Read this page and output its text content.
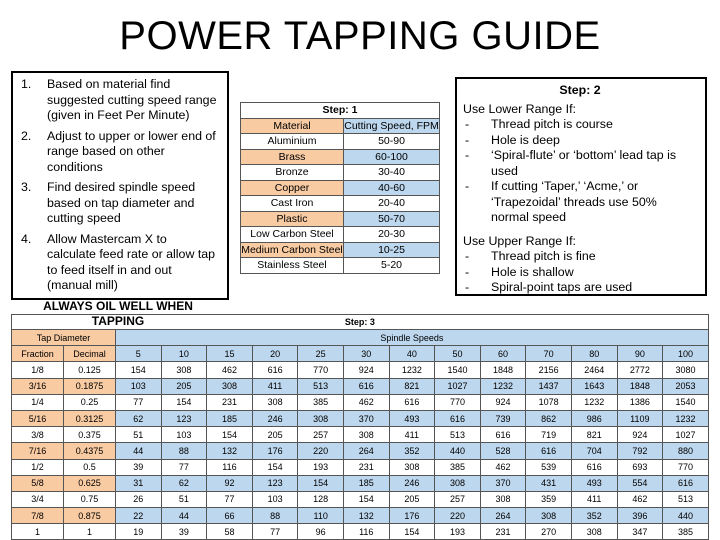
POWER TAPPING GUIDE
1. Based on material find suggested cutting speed range (given in Feet Per Minute)
2. Adjust to upper or lower end of range based on other conditions
3. Find desired spindle speed based on tap diameter and cutting speed
4. Allow Mastercam X to calculate feed rate or allow tap to feed itself in and out (manual mill)
ALWAYS OIL WELL WHEN TAPPING
Step: 1	
Material	Cutting Speed, FPM
Aluminium	50-90
Brass	60-100
Bronze	30-40
Copper	40-60
Cast Iron	20-40
Plastic	50-70
Low Carbon Steel	20-30
Medium Carbon Steel	10-25
Stainless Steel	5-20
Step: 2
Use Lower Range If:
- Thread pitch is course
- Hole is deep
- ‘Spiral-flute’ or ‘bottom’ lead tap is used
- If cutting ‘Taper,’ ‘Acme,’ or ‘Trapezoidal’ threads use 50% normal speed
Use Upper Range If:
- Thread pitch is fine
- Hole is shallow
- Spiral-point taps are used
Step: 3														
Tap Diameter		Spindle Speeds												
Fraction	Decimal	5	10	15	20	25	30	40	50	60	70	80	90	100
1/8	0.125	154	308	462	616	770	924	1232	1540	1848	2156	2464	2772	3080
3/16	0.1875	103	205	308	411	513	616	821	1027	1232	1437	1643	1848	2053
1/4	0.25	77	154	231	308	385	462	616	770	924	1078	1232	1386	1540
5/16	0.3125	62	123	185	246	308	370	493	616	739	862	986	1109	1232
3/8	0.375	51	103	154	205	257	308	411	513	616	719	821	924	1027
7/16	0.4375	44	88	132	176	220	264	352	440	528	616	704	792	880
1/2	0.5	39	77	116	154	193	231	308	385	462	539	616	693	770
5/8	0.625	31	62	92	123	154	185	246	308	370	431	493	554	616
3/4	0.75	26	51	77	103	128	154	205	257	308	359	411	462	513
7/8	0.875	22	44	66	88	110	132	176	220	264	308	352	396	440
1	1	19	39	58	77	96	116	154	193	231	270	308	347	385
